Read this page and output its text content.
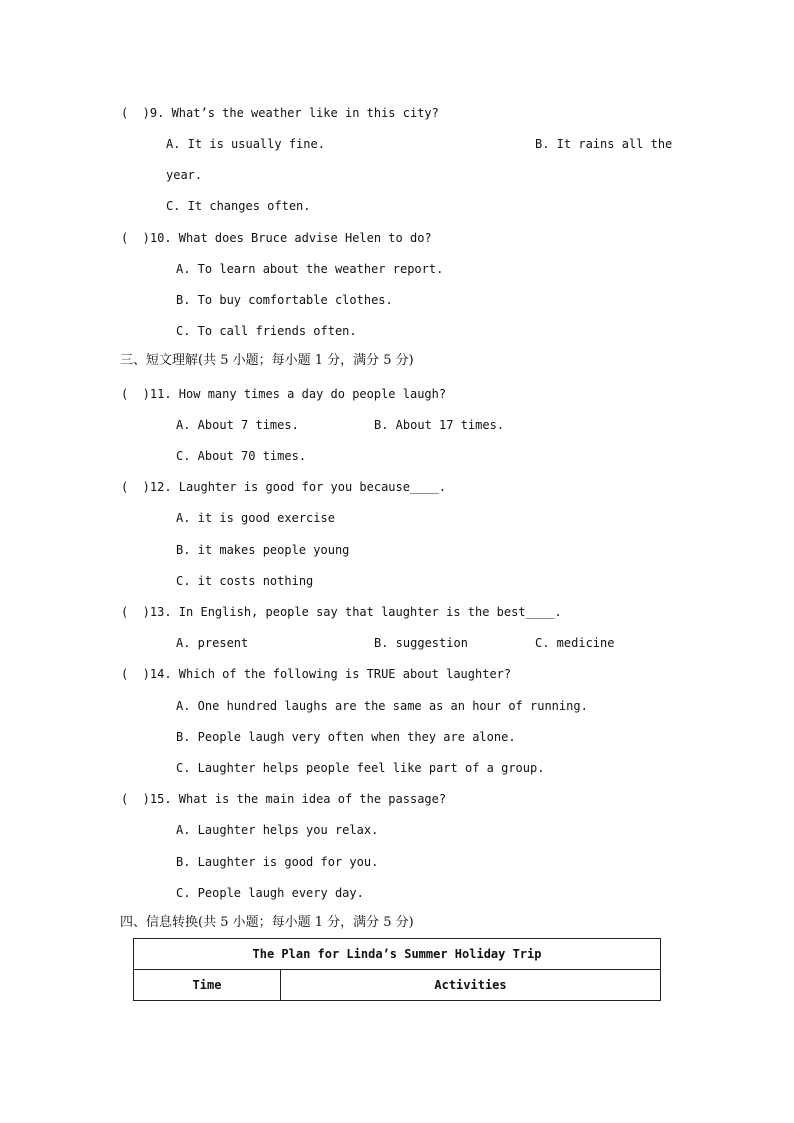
(  )9. What’s the weather like in this city?
A. It is usually fine.	B. It rains all the
year.
C. It changes often.
(  )10. What does Bruce advise Helen to do?
A. To learn about the weather report.
B. To buy comfortable clothes.
C. To call friends often.
三、短文理解(共 5 小题；每小题 1 分，满分 5 分)
(  )11. How many times a day do people laugh?
A. About 7 times.	B. About 17 times.
C. About 70 times.
(  )12. Laughter is good for you because____.
A. it is good exercise
B. it makes people young
C. it costs nothing
(  )13. In English, people say that laughter is the best____.
A. present	B. suggestion	C. medicine
(  )14. Which of the following is TRUE about laughter?
A. One hundred laughs are the same as an hour of running.
B. People laugh very often when they are alone.
C. Laughter helps people feel like part of a group.
(  )15. What is the main idea of the passage?
A. Laughter helps you relax.
B. Laughter is good for you.
C. People laugh every day.
四、信息转换(共 5 小题；每小题 1 分，满分 5 分)
The Plan for Linda’s Summer Holiday Trip
Time	Activities
